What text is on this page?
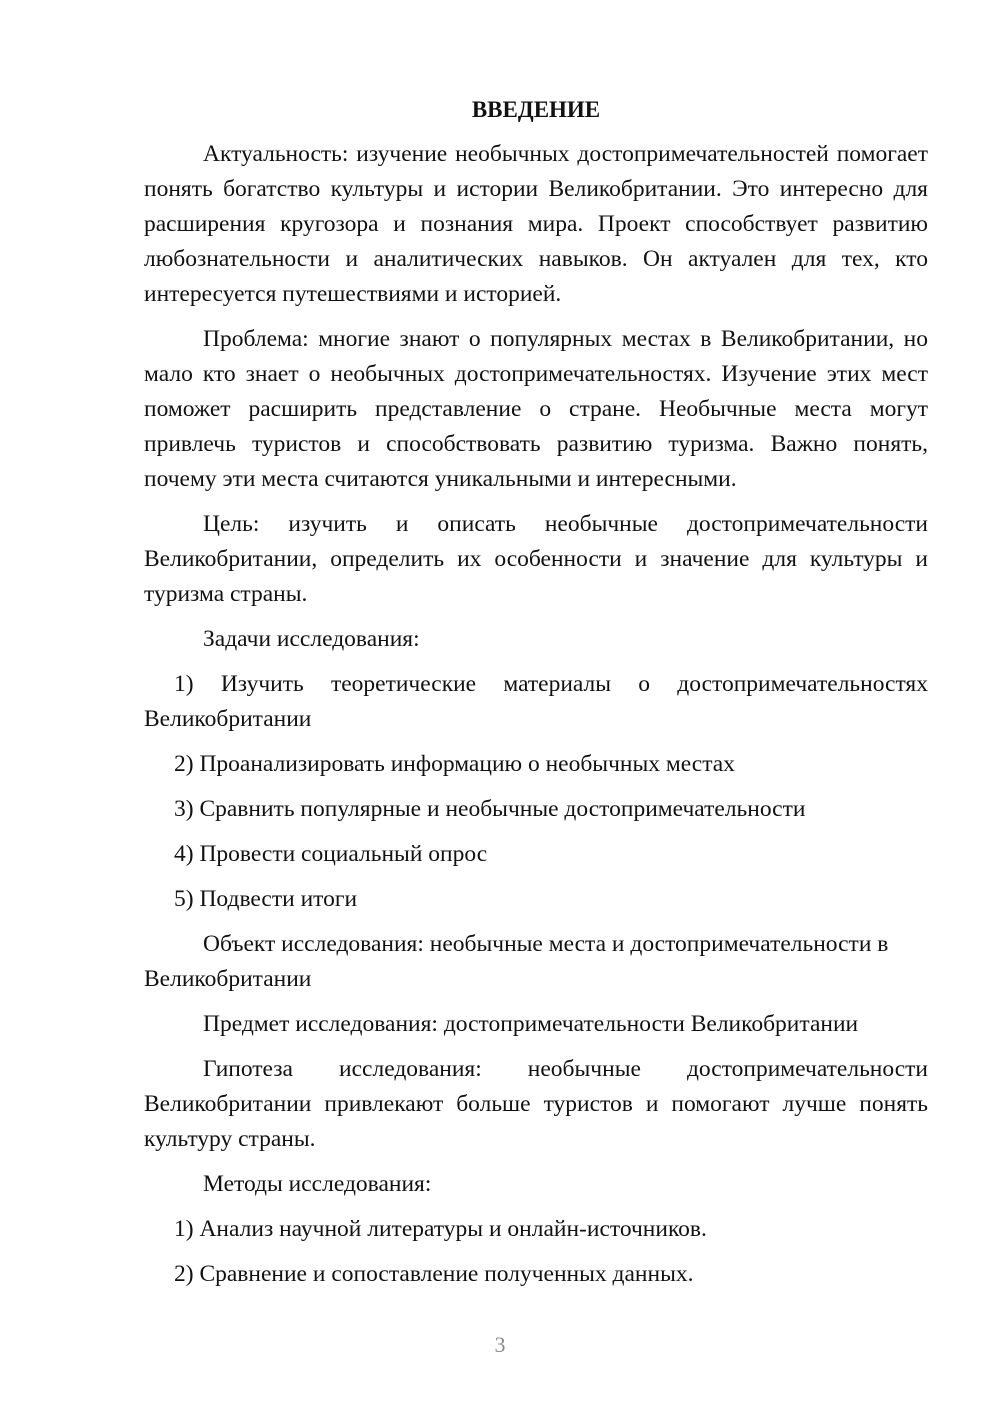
ВВЕДЕНИЕ

Актуальность: изучение необычных достопримечательностей помогает понять богатство культуры и истории Великобритании. Это интересно для расширения кругозора и познания мира. Проект способствует развитию любознательности и аналитических навыков. Он актуален для тех, кто интересуется путешествиями и историей.

Проблема: многие знают о популярных местах в Великобритании, но мало кто знает о необычных достопримечательностях. Изучение этих мест поможет расширить представление о стране. Необычные места могут привлечь туристов и способствовать развитию туризма. Важно понять, почему эти места считаются уникальными и интересными.

Цель: изучить и описать необычные достопримечательности Великобритании, определить их особенности и значение для культуры и туризма страны.

Задачи исследования:

1) Изучить теоретические материалы о достопримечательностях Великобритании

2) Проанализировать информацию о необычных местах

3) Сравнить популярные и необычные достопримечательности

4) Провести социальный опрос

5) Подвести итоги

Объект исследования: необычные места и достопримечательности в Великобритании

Предмет исследования: достопримечательности Великобритании

Гипотеза исследования: необычные достопримечательности Великобритании привлекают больше туристов и помогают лучше понять культуру страны.

Методы исследования:

1) Анализ научной литературы и онлайн-источников.

2) Сравнение и сопоставление полученных данных.

3
